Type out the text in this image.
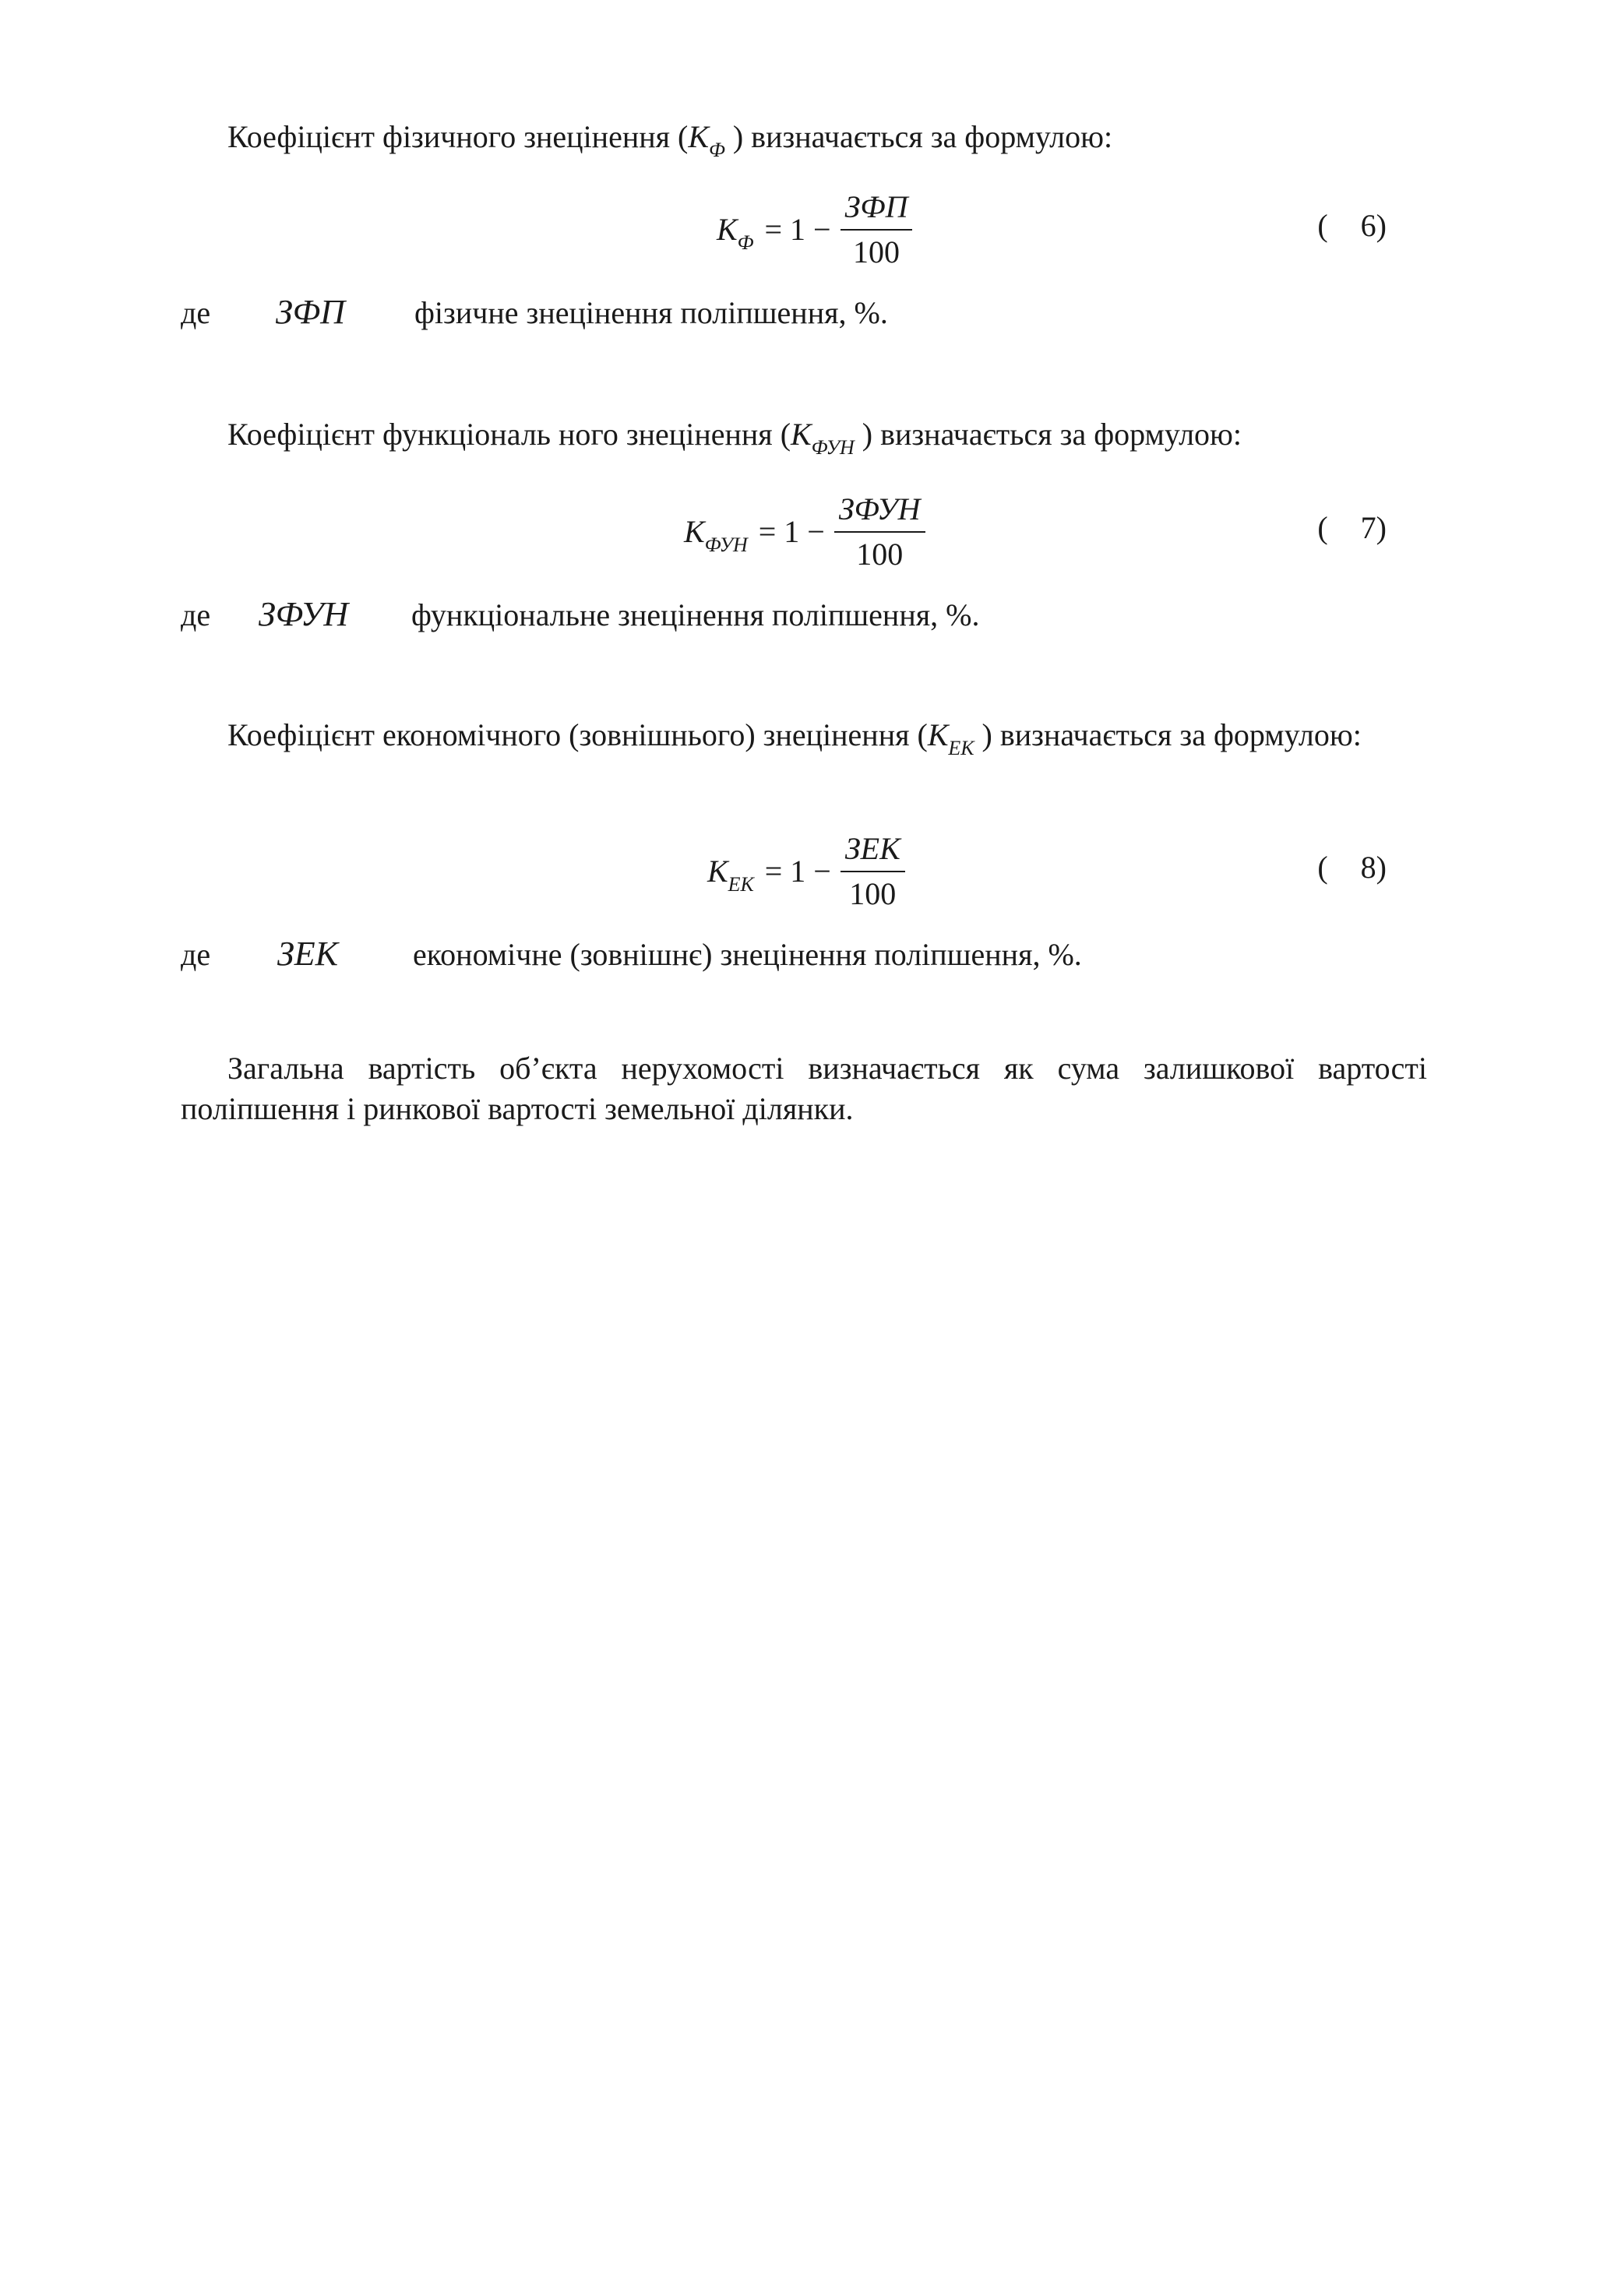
Коефіцієнт фізичного знецінення ($К_Ф$ ) визначається за формулою:
К $Ф = 1 - \frac{\text{ЗФП}}{100}$	( 6)
де ЗФП фізичне знецінення поліпшення, %.
Коефіцієнт функціональ ного знецінення ($К_{ФУН}$ ) визначається за формулою:
К ФУН = $1 - \frac{\text{ЗФУН}}{100}$	( 7)
де ЗФУН функціональне знецінення поліпшення, %.
Коефіцієнт економічного (зовнішнього) знецінення ($К_{ЕК}$ ) визначається за формулою:
К ЕК = $1 - \frac{\text{ЗЕК}}{100}$	( 8)
де ЗЕК економічне (зовнішнє) знецінення поліпшення, %.
Загальна вартість об’єкта нерухомості визначається як сума залишкової вартості поліпшення і ринкової вартості земельної ділянки.
